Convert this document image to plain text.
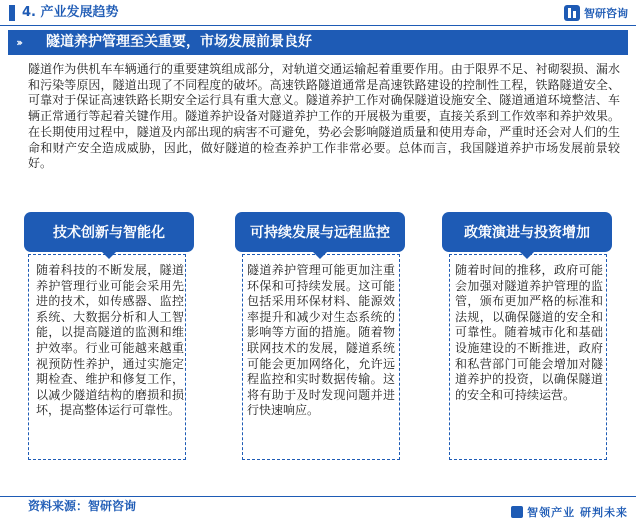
4. 产业发展趋势	智研咨询
››› 隧道养护管理至关重要，市场发展前景良好

隧道作为供机车车辆通行的重要建筑组成部分，对轨道交通运输起着重要作用。由于限界不足、衬砌裂损、漏水和污染等原因，隧道出现了不同程度的破坏。高速铁路隧道通常是高速铁路建设的控制性工程，铁路隧道安全、可靠对于保证高速铁路长期安全运行具有重大意义。隧道养护工作对确保隧道设施安全、隧道通道环境整洁、车辆正常通行等起着关键作用。隧道养护设备对隧道养护工作的开展极为重要，直接关系到工作效率和养护效果。在长期使用过程中，隧道及内部出现的病害不可避免，势必会影响隧道质量和使用寿命，严重时还会对人们的生命和财产安全造成威胁，因此，做好隧道的检查养护工作非常必要。总体而言，我国隧道养护市场发展前景较好。

技术创新与智能化

随着科技的不断发展，隧道养护管理行业可能会采用先进的技术，如传感器、监控系统、大数据分析和人工智能，以提高隧道的监测和维护效率。行业可能越来越重视预防性养护，通过实施定期检查、维护和修复工作，以减少隧道结构的磨损和损坏，提高整体运行可靠性。

可持续发展与远程监控

隧道养护管理可能更加注重环保和可持续发展。这可能包括采用环保材料、能源效率提升和减少对生态系统的影响等方面的措施。随着物联网技术的发展，隧道系统可能会更加网络化，允许远程监控和实时数据传输。这将有助于及时发现问题并进行快速响应。

政策演进与投资增加

随着时间的推移，政府可能会加强对隧道养护管理的监管，颁布更加严格的标准和法规，以确保隧道的安全和可靠性。随着城市化和基础设施建设的不断推进，政府和私营部门可能会增加对隧道养护的投资，以确保隧道的安全和可持续运营。

资料来源：智研咨询	智领产业 研判未来
